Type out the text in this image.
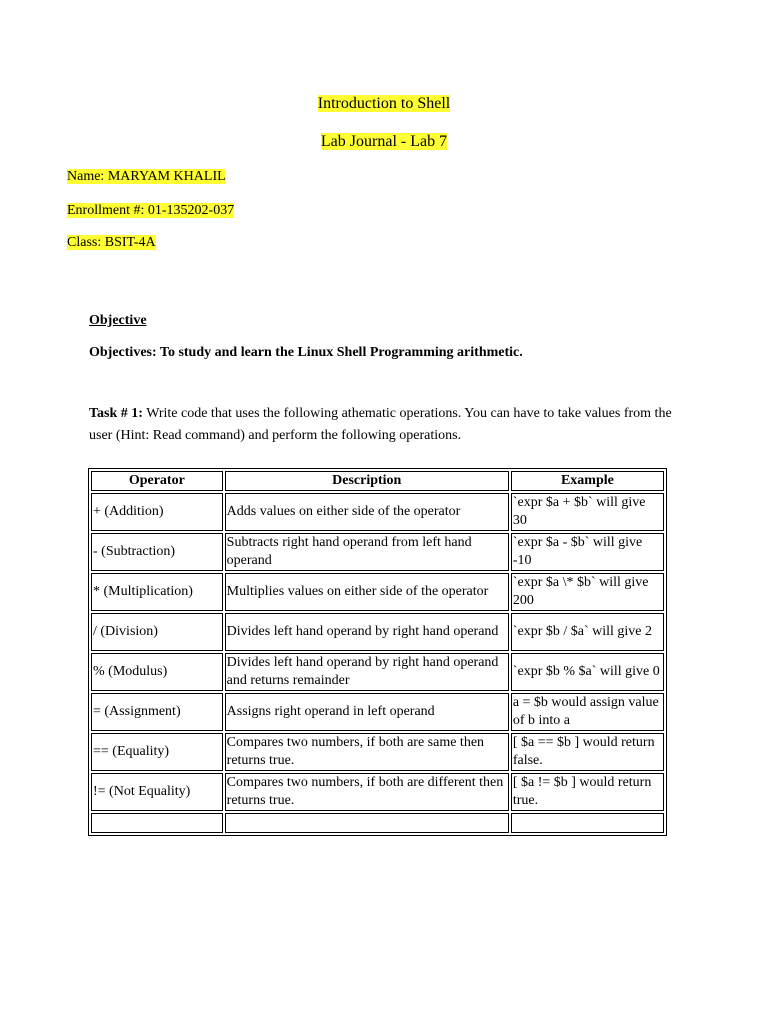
Introduction to Shell
Lab Journal - Lab 7
Name: MARYAM KHALIL
Enrollment #: 01-135202-037
Class: BSIT-4A
Objective
Objectives: To study and learn the Linux Shell Programming arithmetic.
Task # 1: Write code that uses the following athematic operations. You can have to take values from the user (Hint: Read command) and perform the following operations.
Operator	Description	Example
+ (Addition)	Adds values on either side of the operator	`expr $a + $b` will give 30
- (Subtraction)	Subtracts right hand operand from left hand operand	`expr $a - $b` will give -10
* (Multiplication)	Multiplies values on either side of the operator	`expr $a \* $b` will give 200
/ (Division)	Divides left hand operand by right hand operand	`expr $b / $a` will give 2
% (Modulus)	Divides left hand operand by right hand operand and returns remainder	`expr $b % $a` will give 0
= (Assignment)	Assigns right operand in left operand	a = $b would assign value of b into a
== (Equality)	Compares two numbers, if both are same then returns true.	[ $a == $b ] would return false.
!= (Not Equality)	Compares two numbers, if both are different then returns true.	[ $a != $b ] would return true.
